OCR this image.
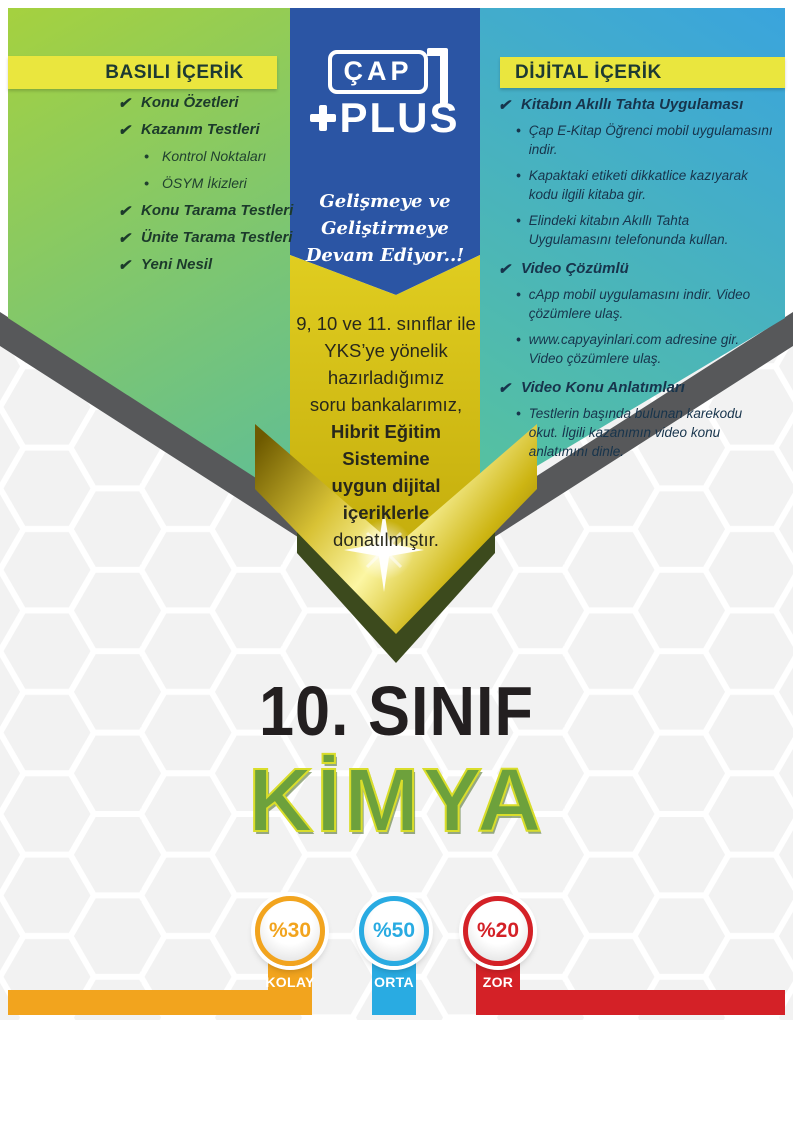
BASILI İÇERİK
✔ Konu Özetleri
✔ Kazanım Testleri
• Kontrol Noktaları
• ÖSYM İkizleri
✔ Konu Tarama Testleri
✔ Ünite Tarama Testleri
✔ Yeni Nesil
ÇAP
PLUS
Gelişmeye ve Geliştirmeye
Devam Ediyor..!
9, 10 ve 11. sınıflar ile
YKS’ye yönelik
hazırladığımız
soru bankalarımız,
Hibrit Eğitim Sistemine
uygun dijital içeriklerle
donatılmıştır.
DİJİTAL İÇERİK
✔ Kitabın Akıllı Tahta Uygulaması
• Çap E-Kitap Öğrenci mobil uygulamasını indir.
• Kapaktaki etiketi dikkatlice kazıyarak kodu ilgili kitaba gir.
• Elindeki kitabın Akıllı Tahta Uygulamasını telefonunda kullan.
✔ Video Çözümlü
• cApp mobil uygulamasını indir. Video çözümlere ulaş.
• www.capyayinlari.com adresine gir. Video çözümlere ulaş.
✔ Video Konu Anlatımları
• Testlerin başında bulunan karekodu okut. İlgili kazanımın video konu anlatımını dinle.
10. SINIF
KİMYA
KOLAY	ORTA	ZOR
%30	%50	%20
